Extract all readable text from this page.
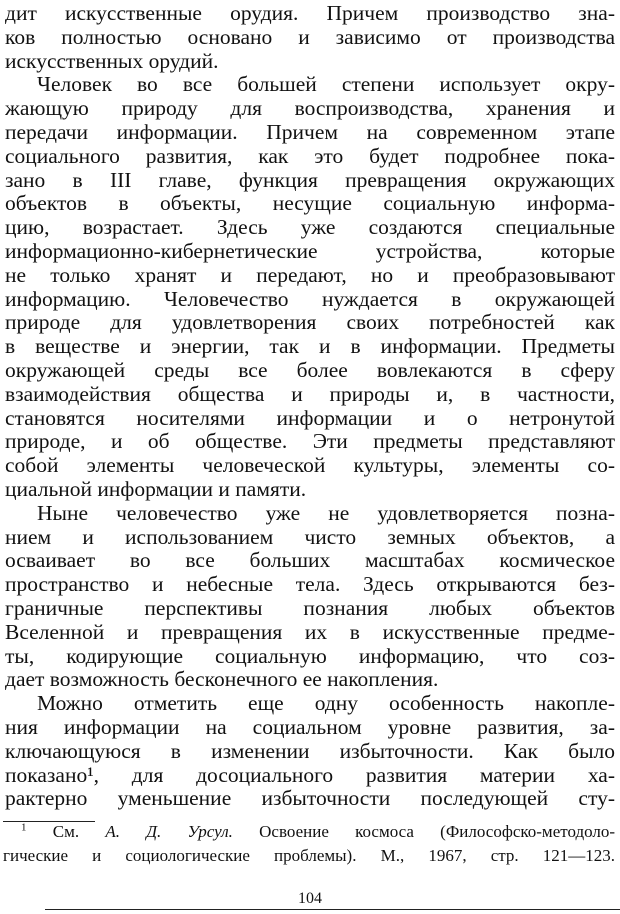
дит искусственные орудия. Причем производство зна-
ков полностью основано и зависимо от производства
искусственных орудий.
Человек во все большей степени использует окру-
жающую природу для воспроизводства, хранения и
передачи информации. Причем на современном этапе
социального развития, как это будет подробнее пока-
зано в III главе, функция превращения окружающих
объектов в объекты, несущие социальную информа-
цию, возрастает. Здесь уже создаются специальные
информационно-кибернетические устройства, которые
не только хранят и передают, но и преобразовывают
информацию. Человечество нуждается в окружающей
природе для удовлетворения своих потребностей как
в веществе и энергии, так и в информации. Предметы
окружающей среды все более вовлекаются в сферу
взаимодействия общества и природы и, в частности,
становятся носителями информации и о нетронутой
природе, и об обществе. Эти предметы представляют
собой элементы человеческой культуры, элементы со-
циальной информации и памяти.
Ныне человечество уже не удовлетворяется позна-
нием и использованием чисто земных объектов, а
осваивает во все больших масштабах космическое
пространство и небесные тела. Здесь открываются без-
граничные перспективы познания любых объектов
Вселенной и превращения их в искусственные предме-
ты, кодирующие социальную информацию, что соз-
дает возможность бесконечного ее накопления.
Можно отметить еще одну особенность накопле-
ния информации на социальном уровне развития, за-
ключающуюся в изменении избыточности. Как было
показано¹, для досоциального развития материи ха-
рактерно уменьшение избыточности последующей сту-
$^1$ См. А. Д. Урсул. Освоение космоса (Философско-методоло-
гические и социологические проблемы). М., 1967, стр. 121—123.
104
